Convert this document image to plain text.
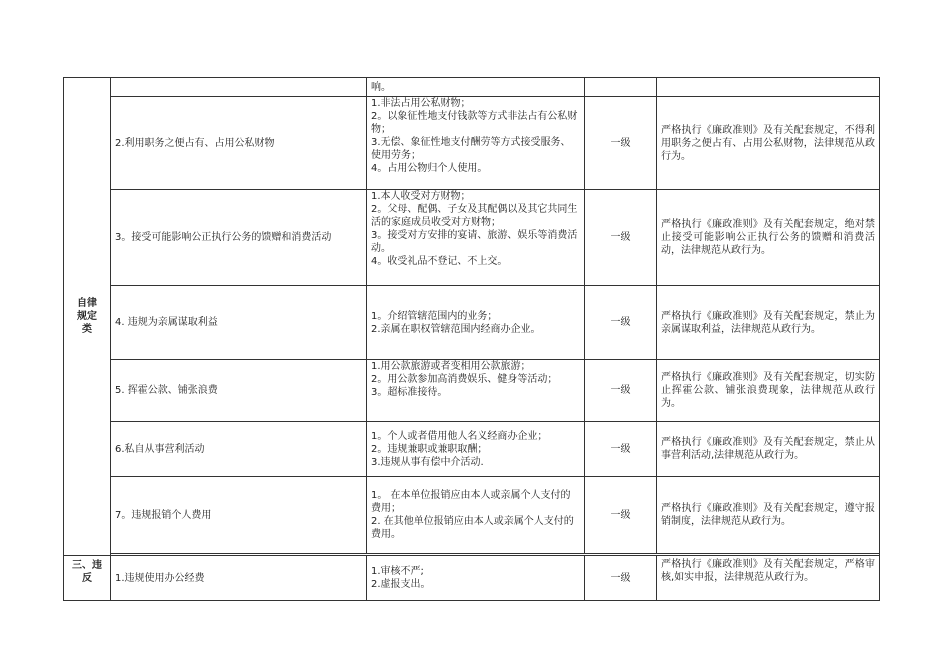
自律规定类		响。		

	2.利用职务之便占有、占用公私财物	1.非法占用公私财物；
2。以象征性地支付钱款等方式非法占有公私财物；
3.无偿、象征性地支付酬劳等方式接受服务、使用劳务；
4。占用公物归个人使用。	一级	严格执行《廉政准则》及有关配套规定，不得利用职务之便占有、占用公私财物，法律规范从政行为。
	3。接受可能影响公正执行公务的馈赠和消费活动	1.本人收受对方财物；
2。父母、配偶、子女及其配偶以及其它共同生活的家庭成员收受对方财物；
3。接受对方安排的宴请、旅游、娱乐等消费活动。
4。收受礼品不登记、不上交。	一级	严格执行《廉政准则》及有关配套规定，绝对禁止接受可能影响公正执行公务的馈赠和消费活动，法律规范从政行为。
	4. 违规为亲属谋取利益	1。介绍管辖范围内的业务；
2.亲属在职权管辖范围内经商办企业。	一级	严格执行《廉政准则》及有关配套规定，禁止为亲属谋取利益，法律规范从政行为。
	5. 挥霍公款、铺张浪费	1.用公款旅游或者变相用公款旅游；
2。用公款参加高消费娱乐、健身等活动；
3。超标准接待。	一级	严格执行《廉政准则》及有关配套规定，切实防止挥霍公款、铺张浪费现象，法律规范从政行为。
	6.私自从事营利活动	1。个人或者借用他人名义经商办企业；
2。违规兼职或兼职取酬；
3.违规从事有偿中介活动.	一级	严格执行《廉政准则》及有关配套规定，禁止从事营利活动,法律规范从政行为。
	7。违规报销个人费用	1。 在本单位报销应由本人或亲属个人支付的费用；
2. 在其他单位报销应由本人或亲属个人支付的费用。	一级	严格执行《廉政准则》及有关配套规定，遵守报销制度，法律规范从政行为。

三、违反	1.违规使用办公经费	1.审核不严;
2.虚报支出。	一级	严格执行《廉政准则》及有关配套规定，严格审核,如实申报，法律规范从政行为。
